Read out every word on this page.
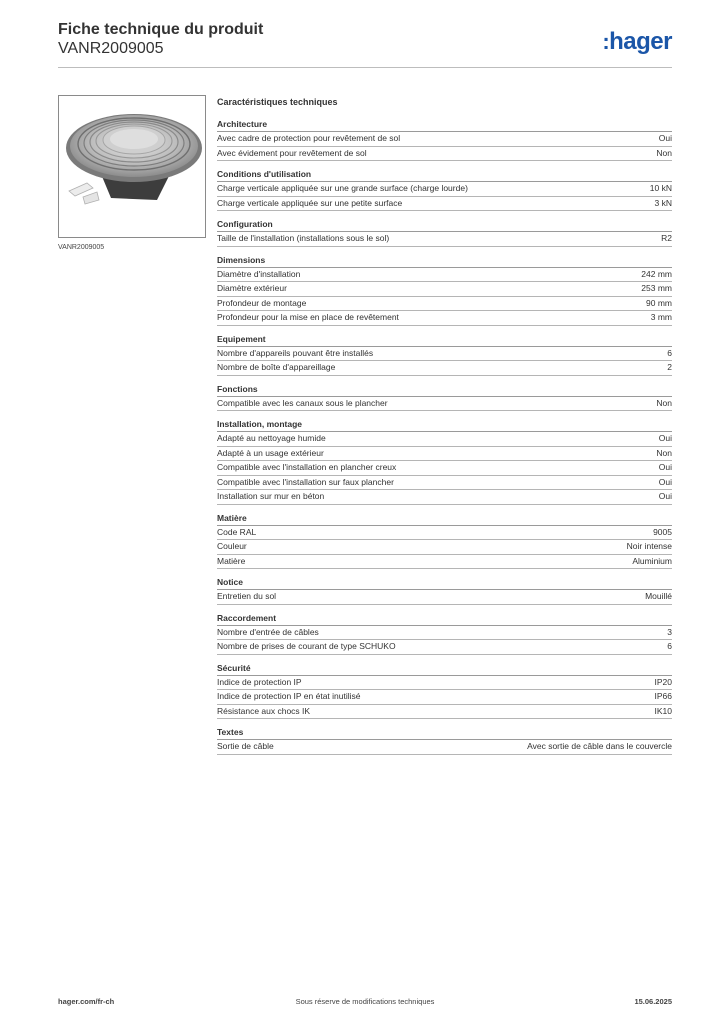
Fiche technique du produit
VANR2009005	:hager
VANR2009005
Caractéristiques techniques
Architecture
Avec cadre de protection pour revêtement de sol	Oui
Avec évidement pour revêtement de sol	Non
Conditions d'utilisation
Charge verticale appliquée sur une grande surface (charge lourde)	10 kN
Charge verticale appliquée sur une petite surface	3 kN
Configuration
Taille de l'installation (installations sous le sol)	R2
Dimensions
Diamètre d'installation	242 mm
Diamètre extérieur	253 mm
Profondeur de montage	90 mm
Profondeur pour la mise en place de revêtement	3 mm
Equipement
Nombre d'appareils pouvant être installés	6
Nombre de boîte d'appareillage	2
Fonctions
Compatible avec les canaux sous le plancher	Non
Installation, montage
Adapté au nettoyage humide	Oui
Adapté à un usage extérieur	Non
Compatible avec l'installation en plancher creux	Oui
Compatible avec l'installation sur faux plancher	Oui
Installation sur mur en béton	Oui
Matière
Code RAL	9005
Couleur	Noir intense
Matière	Aluminium
Notice
Entretien du sol	Mouillé
Raccordement
Nombre d'entrée de câbles	3
Nombre de prises de courant de type SCHUKO	6
Sécurité
Indice de protection IP	IP20
Indice de protection IP en état inutilisé	IP66
Résistance aux chocs IK	IK10
Textes
Sortie de câble	Avec sortie de câble dans le couvercle
hager.com/fr-ch	Sous réserve de modifications techniques	15.06.2025
